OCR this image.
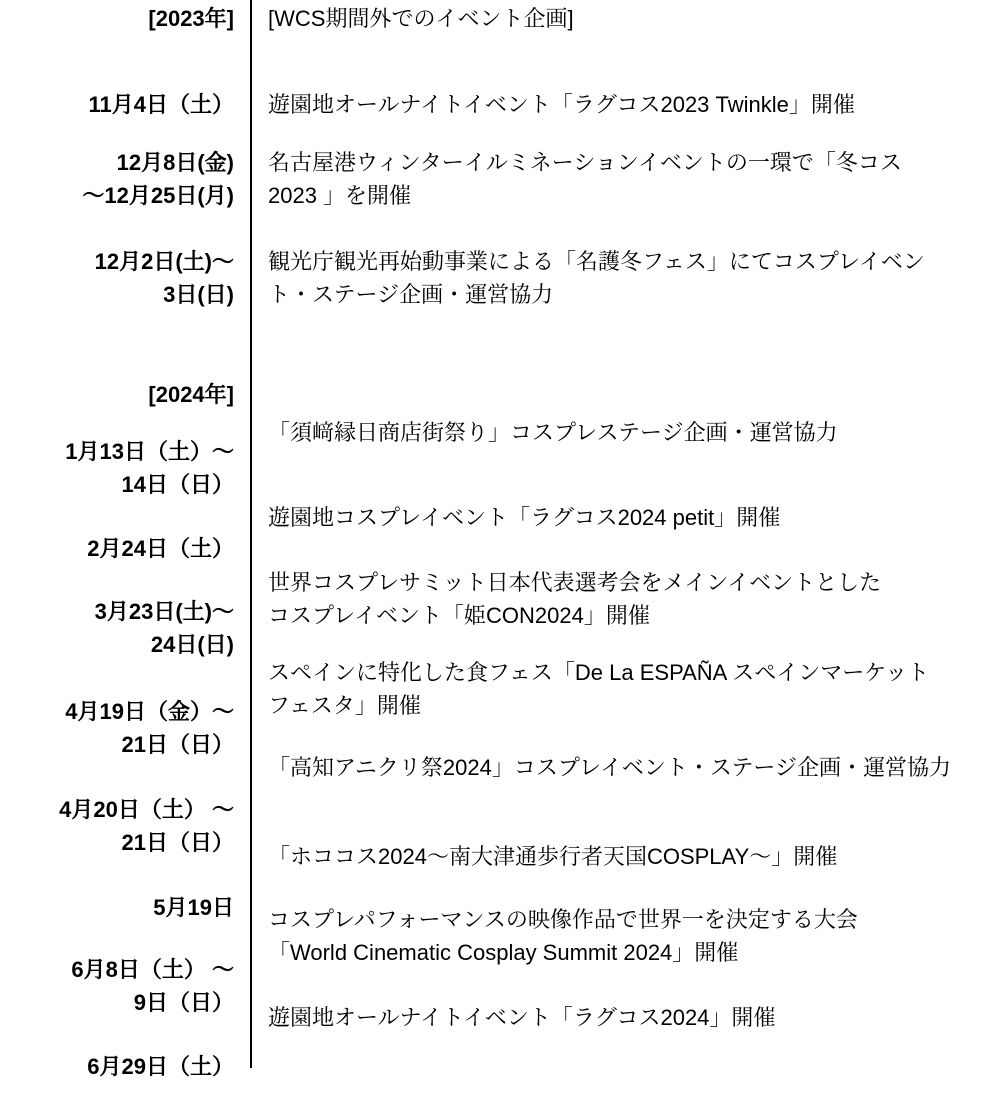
[2023年]
11月4日（土）
12月8日(金)
〜12月25日(月)
12月2日(土)〜
3日(日)
[2024年]
1月13日（土）〜
14日（日）
2月24日（土）
3月23日(土)〜
24日(日)
4月19日（金）〜
21日（日）
4月20日（土） 〜
21日（日）
5月19日
6月8日（土） 〜
9日（日）
6月29日（土）
[WCS期間外でのイベント企画]
遊園地オールナイトイベント「ラグコス2023 Twinkle」開催
名古屋港ウィンターイルミネーションイベントの一環で「冬コス
2023 」を開催
観光庁観光再始動事業による「名護冬フェス」にてコスプレイベン
ト・ステージ企画・運営協力
「須﨑縁日商店街祭り」コスプレステージ企画・運営協力
遊園地コスプレイベント「ラグコス2024 petit」開催
世界コスプレサミット日本代表選考会をメインイベントとした
コスプレイベント「姫CON2024」開催
スペインに特化した食フェス「De La ESPAÑA スペインマーケット
フェスタ」開催
「高知アニクリ祭2024」コスプレイベント・ステージ企画・運営協力
「ホココス2024〜南大津通歩行者天国COSPLAY〜」開催
コスプレパフォーマンスの映像作品で世界一を決定する大会
「World Cinematic Cosplay Summit 2024」開催
遊園地オールナイトイベント「ラグコス2024」開催
